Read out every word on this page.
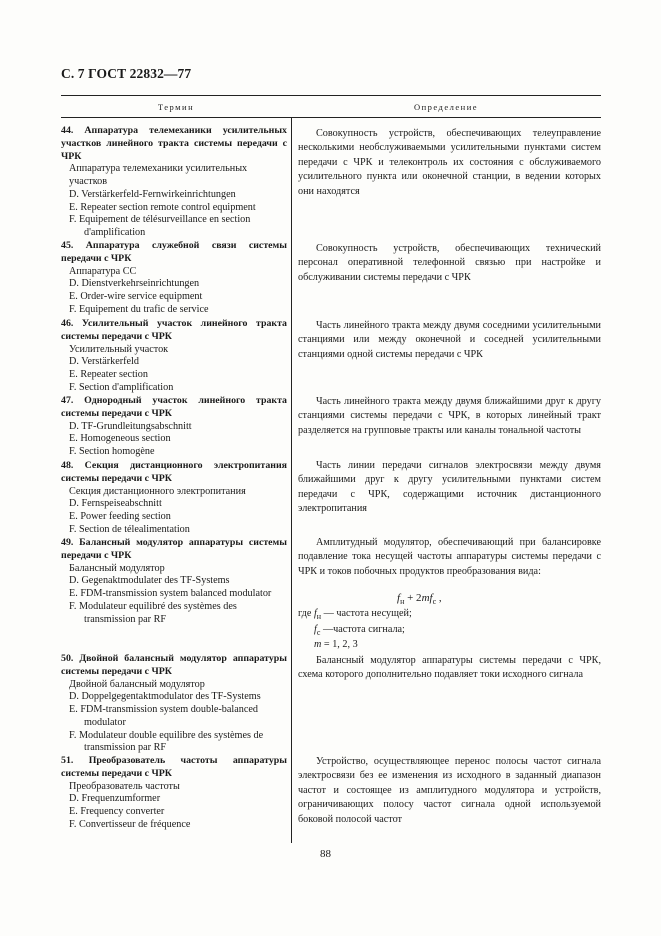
С. 7 ГОСТ 22832—77
Термин	Определение
44. Аппаратура телемеханики усилительных участков линейного тракта системы передачи с ЧРК
Аппаратура телемеханики усилительных участков
D. Verstärkerfeld-Fernwirkeinrichtungen
E. Repeater section remote control equipment
F. Equipement de télésurveillance en section d'amplification
45. Аппаратура служебной связи системы передачи с ЧРК
Аппаратура СС
D. Dienstverkehrseinrichtungen
E. Order-wire service equipment
F. Equipement du trafic de service
46. Усилительный участок линейного тракта системы передачи с ЧРК
Усилительный участок
D. Verstärkerfeld
E. Repeater section
F. Section d'amplification
47. Однородный участок линейного тракта системы передачи с ЧРК
D. TF-Grundleitungsabschnitt
E. Homogeneous section
F. Section homogène
48. Секция дистанционного электропитания системы передачи с ЧРК
Секция дистанционного электропитания
D. Fernspeiseabschnitt
E. Power feeding section
F. Section de télealimentation
49. Балансный модулятор аппаратуры системы передачи с ЧРК
Балансный модулятор
D. Gegenaktmodulater des TF-Systems
E. FDM-transmission system balanced modulator
F. Modulateur equilibré des systèmes des transmission par RF
50. Двойной балансный модулятор аппаратуры системы передачи с ЧРК
Двойной балансный модулятор
D. Doppelgegentaktmodulator des TF-Systems
E. FDM-transmission system double-balanced modulator
F. Modulateur double equilibre des systèmes de transmission par RF
51. Преобразователь частоты аппаратуры системы передачи с ЧРК
Преобразователь частоты
D. Frequenzumformer
E. Frequency converter
F. Convertisseur de fréquence
Совокупность устройств, обеспечивающих телеуправление несколькими необслуживаемыми усилительными пунктами систем передачи с ЧРК и телеконтроль их состояния с обслуживаемого усилительного пункта или оконечной станции, в ведении которых они находятся
Совокупность устройств, обеспечивающих технический персонал оперативной телефонной связью при настройке и обслуживании системы передачи с ЧРК
Часть линейного тракта между двумя соседними усилительными станциями или между оконечной и соседней усилительными станциями одной системы передачи с ЧРК
Часть линейного тракта между двумя ближайшими друг к другу станциями системы передачи с ЧРК, в которых линейный тракт разделяется на групповые тракты или каналы тональной частоты
Часть линии передачи сигналов электросвязи между двумя ближайшими друг к другу усилительными пунктами систем передачи с ЧРК, содержащими источник дистанционного электропитания
Амплитудный модулятор, обеспечивающий при балансировке подавление тока несущей частоты аппаратуры системы передачи с ЧРК и токов побочных продуктов преобразования вида:
$f_н + 2mf_c$ ,
где $f_н$ — частота несущей;
$f_c$ —частота сигнала;
m = 1, 2, 3
Балансный модулятор аппаратуры системы передачи с ЧРК, схема которого дополнительно подавляет токи исходного сигнала
Устройство, осуществляющее перенос полосы частот сигнала электросвязи без ее изменения из исходного в заданный диапазон частот и состоящее из амплитудного модулятора и устройств, ограничивающих полосу частот сигнала одной используемой боковой полосой частот
88
